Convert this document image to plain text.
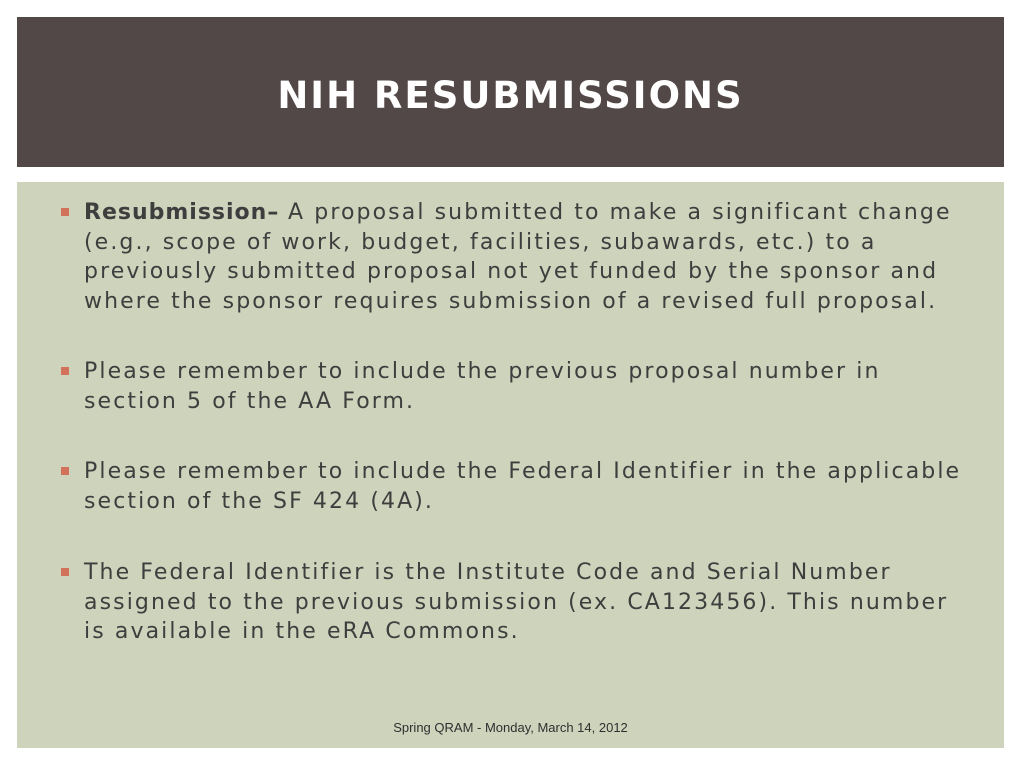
NIH RESUBMISSIONS
Resubmission– A proposal submitted to make a significant change (e.g., scope of work, budget, facilities, subawards, etc.) to a previously submitted proposal not yet funded by the sponsor and where the sponsor requires submission of a revised full proposal.
Please remember to include the previous proposal number in section 5 of the AA Form.
Please remember to include the Federal Identifier in the applicable section of the SF 424 (4A).
The Federal Identifier is the Institute Code and Serial Number assigned to the previous submission (ex. CA123456). This number is available in the eRA Commons.
Spring QRAM - Monday, March 14, 2012
